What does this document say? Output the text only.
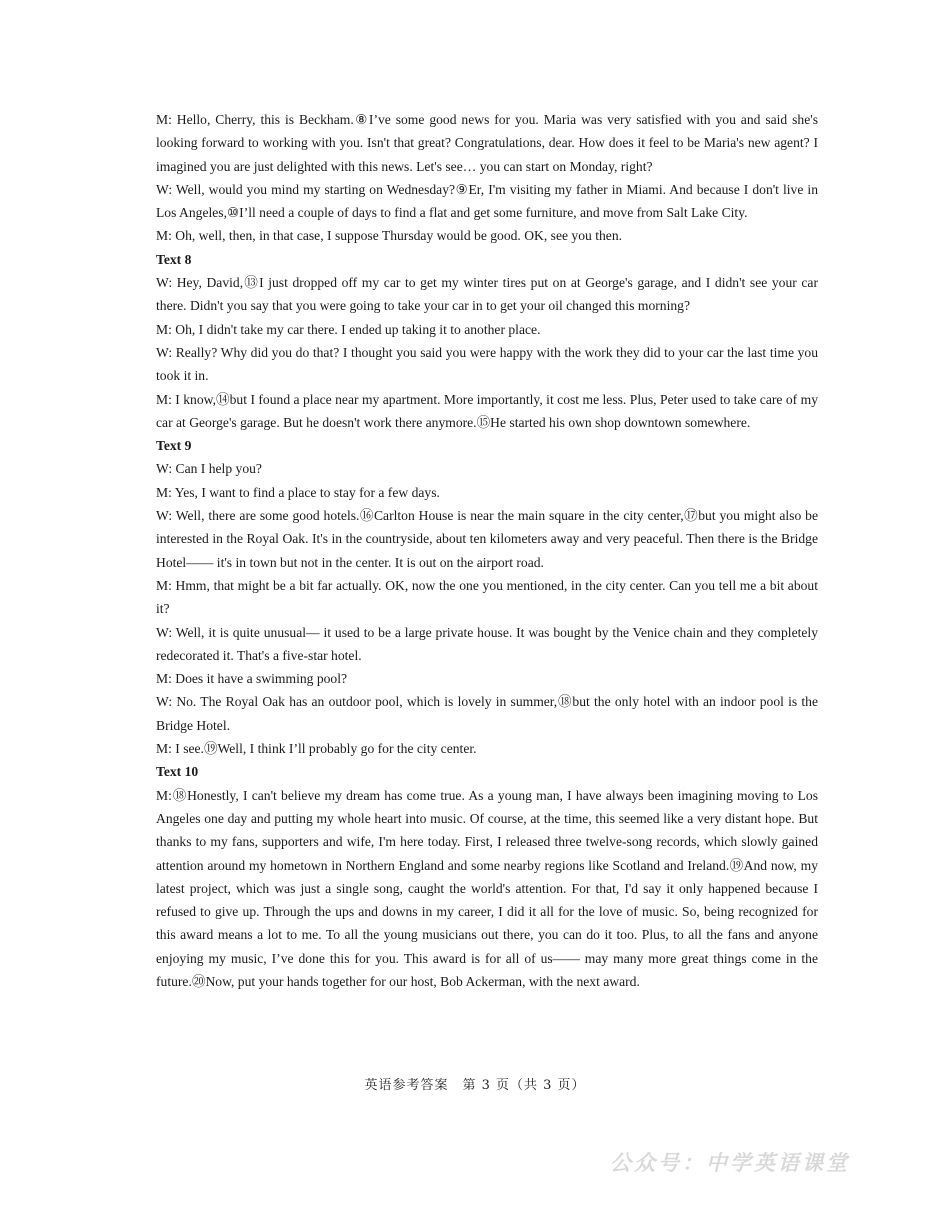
M: Hello, Cherry, this is Beckham.⑧I’ve some good news for you. Maria was very satisfied with you and said she's looking forward to working with you. Isn't that great? Congratulations, dear. How does it feel to be Maria's new agent? I imagined you are just delighted with this news. Let's see… you can start on Monday, right?

W: Well, would you mind my starting on Wednesday?⑨Er, I'm visiting my father in Miami. And because I don't live in Los Angeles,⑩I’ll need a couple of days to find a flat and get some furniture, and move from Salt Lake City.

M: Oh, well, then, in that case, I suppose Thursday would be good. OK, see you then.

Text 8

W: Hey, David,⑬I just dropped off my car to get my winter tires put on at George's garage, and I didn't see your car there. Didn't you say that you were going to take your car in to get your oil changed this morning?

M: Oh, I didn't take my car there. I ended up taking it to another place.

W: Really? Why did you do that? I thought you said you were happy with the work they did to your car the last time you took it in.

M: I know,⑭but I found a place near my apartment. More importantly, it cost me less. Plus, Peter used to take care of my car at George's garage. But he doesn't work there anymore.⑮He started his own shop downtown somewhere.

Text 9

W: Can I help you?

M: Yes, I want to find a place to stay for a few days.

W: Well, there are some good hotels.⑯Carlton House is near the main square in the city center,⑰but you might also be interested in the Royal Oak. It's in the countryside, about ten kilometers away and very peaceful. Then there is the Bridge Hotel—— it's in town but not in the center. It is out on the airport road.

M: Hmm, that might be a bit far actually. OK, now the one you mentioned, in the city center. Can you tell me a bit about it?

W: Well, it is quite unusual— it used to be a large private house. It was bought by the Venice chain and they completely redecorated it. That's a five-star hotel.

M: Does it have a swimming pool?

W: No. The Royal Oak has an outdoor pool, which is lovely in summer,⑱but the only hotel with an indoor pool is the Bridge Hotel.

M: I see.⑲Well, I think I’ll probably go for the city center.

Text 10

M:⑱Honestly, I can't believe my dream has come true. As a young man, I have always been imagining moving to Los Angeles one day and putting my whole heart into music. Of course, at the time, this seemed like a very distant hope. But thanks to my fans, supporters and wife, I'm here today. First, I released three twelve-song records, which slowly gained attention around my hometown in Northern England and some nearby regions like Scotland and Ireland.⑲And now, my latest project, which was just a single song, caught the world's attention. For that, I'd say it only happened because I refused to give up. Through the ups and downs in my career, I did it all for the love of music. So, being recognized for this award means a lot to me. To all the young musicians out there, you can do it too. Plus, to all the fans and anyone enjoying my music, I’ve done this for you. This award is for all of us—— may many more great things come in the future.⑳Now, put your hands together for our host, Bob Ackerman, with the next award.

英语参考答案　第 3 页（共 3 页）
公众号：中学英语课堂
